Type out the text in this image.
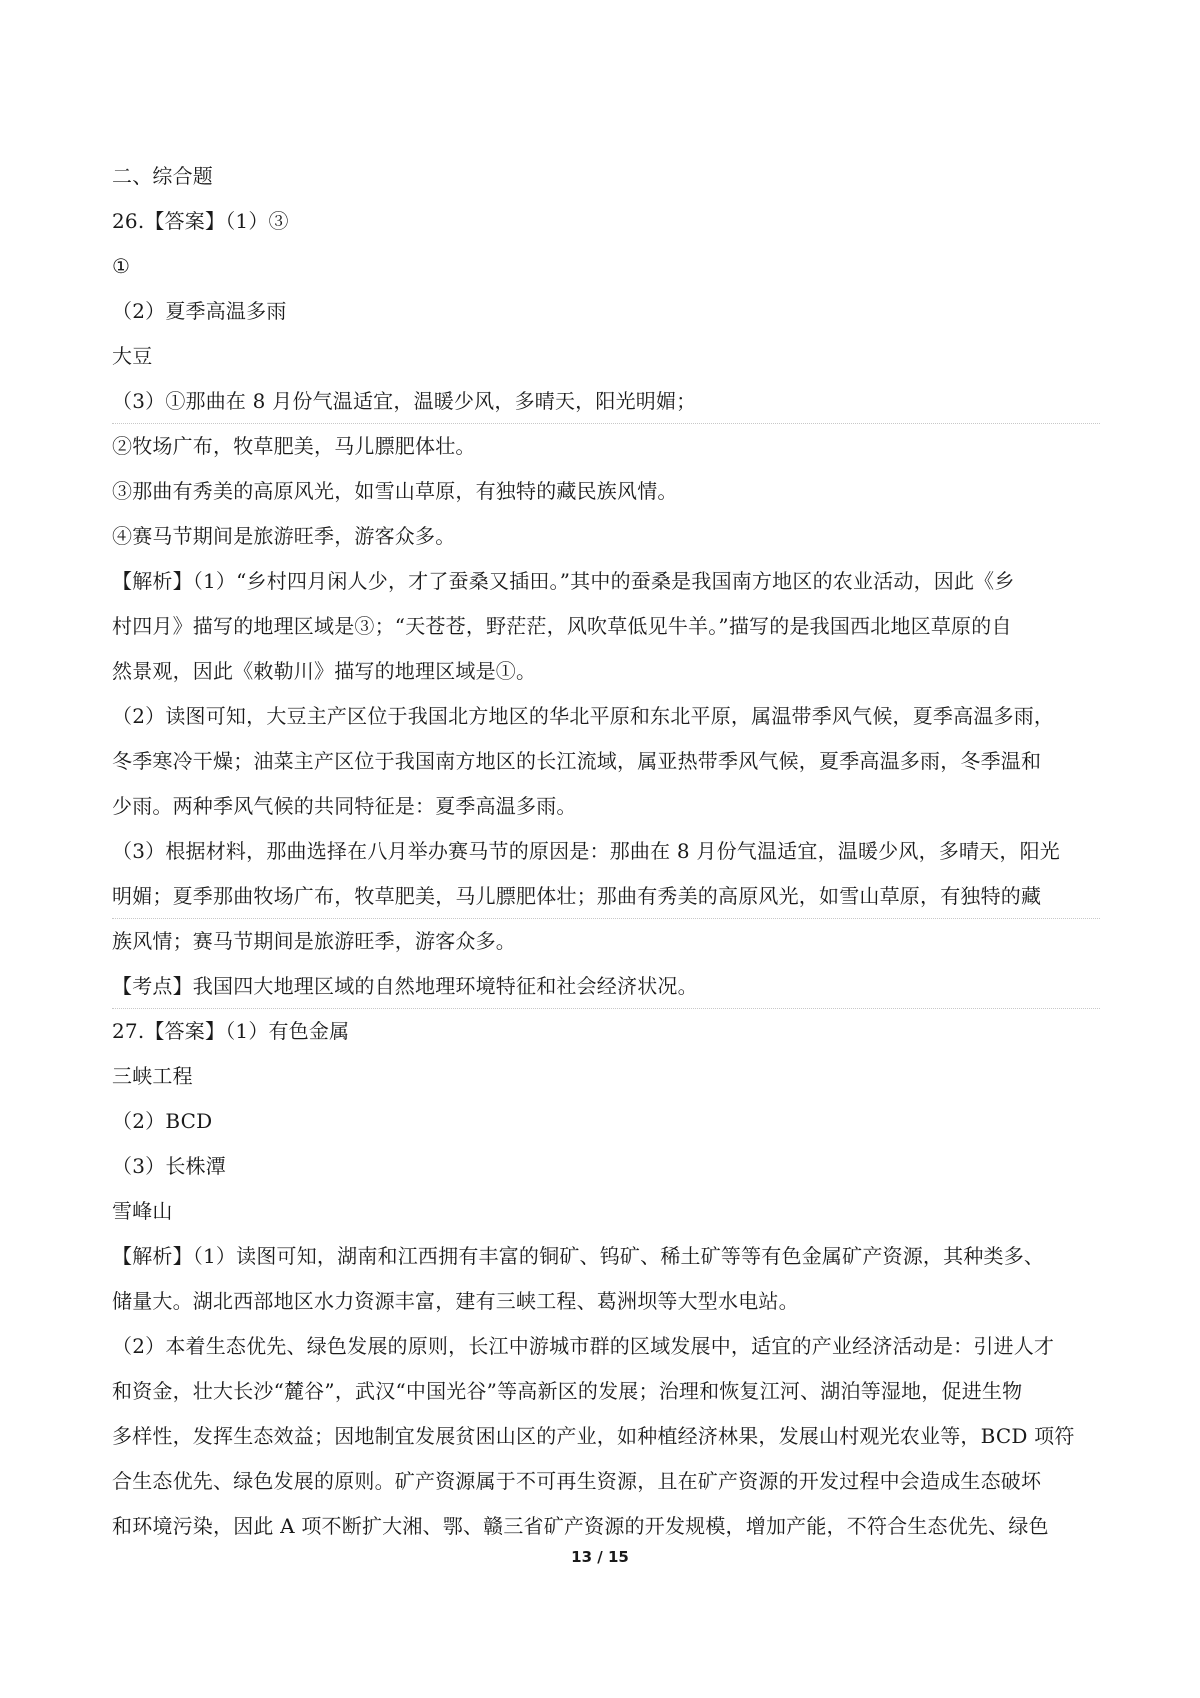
二、综合题
26.【答案】（1）③
①
（2）夏季高温多雨
大豆
（3）①那曲在 8 月份气温适宜，温暖少风，多晴天，阳光明媚；
②牧场广布，牧草肥美，马儿膘肥体壮。
③那曲有秀美的高原风光，如雪山草原，有独特的藏民族风情。
④赛马节期间是旅游旺季，游客众多。
【解析】（1）“乡村四月闲人少，才了蚕桑又插田。”其中的蚕桑是我国南方地区的农业活动，因此《乡
村四月》描写的地理区域是③；“天苍苍，野茫茫，风吹草低见牛羊。”描写的是我国西北地区草原的自
然景观，因此《敕勒川》描写的地理区域是①。
（2）读图可知，大豆主产区位于我国北方地区的华北平原和东北平原，属温带季风气候，夏季高温多雨，
冬季寒冷干燥；油菜主产区位于我国南方地区的长江流域，属亚热带季风气候，夏季高温多雨，冬季温和
少雨。两种季风气候的共同特征是：夏季高温多雨。
（3）根据材料，那曲选择在八月举办赛马节的原因是：那曲在 8 月份气温适宜，温暖少风，多晴天，阳光
明媚；夏季那曲牧场广布，牧草肥美，马儿膘肥体壮；那曲有秀美的高原风光，如雪山草原，有独特的藏
族风情；赛马节期间是旅游旺季，游客众多。
【考点】我国四大地理区域的自然地理环境特征和社会经济状况。
27.【答案】（1）有色金属
三峡工程
（2）BCD
（3）长株潭
雪峰山
【解析】（1）读图可知，湖南和江西拥有丰富的铜矿、钨矿、稀土矿等等有色金属矿产资源，其种类多、
储量大。湖北西部地区水力资源丰富，建有三峡工程、葛洲坝等大型水电站。
（2）本着生态优先、绿色发展的原则，长江中游城市群的区域发展中，适宜的产业经济活动是：引进人才
和资金，壮大长沙“麓谷”，武汉“中国光谷”等高新区的发展；治理和恢复江河、湖泊等湿地，促进生物
多样性，发挥生态效益；因地制宜发展贫困山区的产业，如种植经济林果，发展山村观光农业等，BCD 项符
合生态优先、绿色发展的原则。矿产资源属于不可再生资源，且在矿产资源的开发过程中会造成生态破坏
和环境污染，因此 A 项不断扩大湘、鄂、赣三省矿产资源的开发规模，增加产能，不符合生态优先、绿色
13 / 15
